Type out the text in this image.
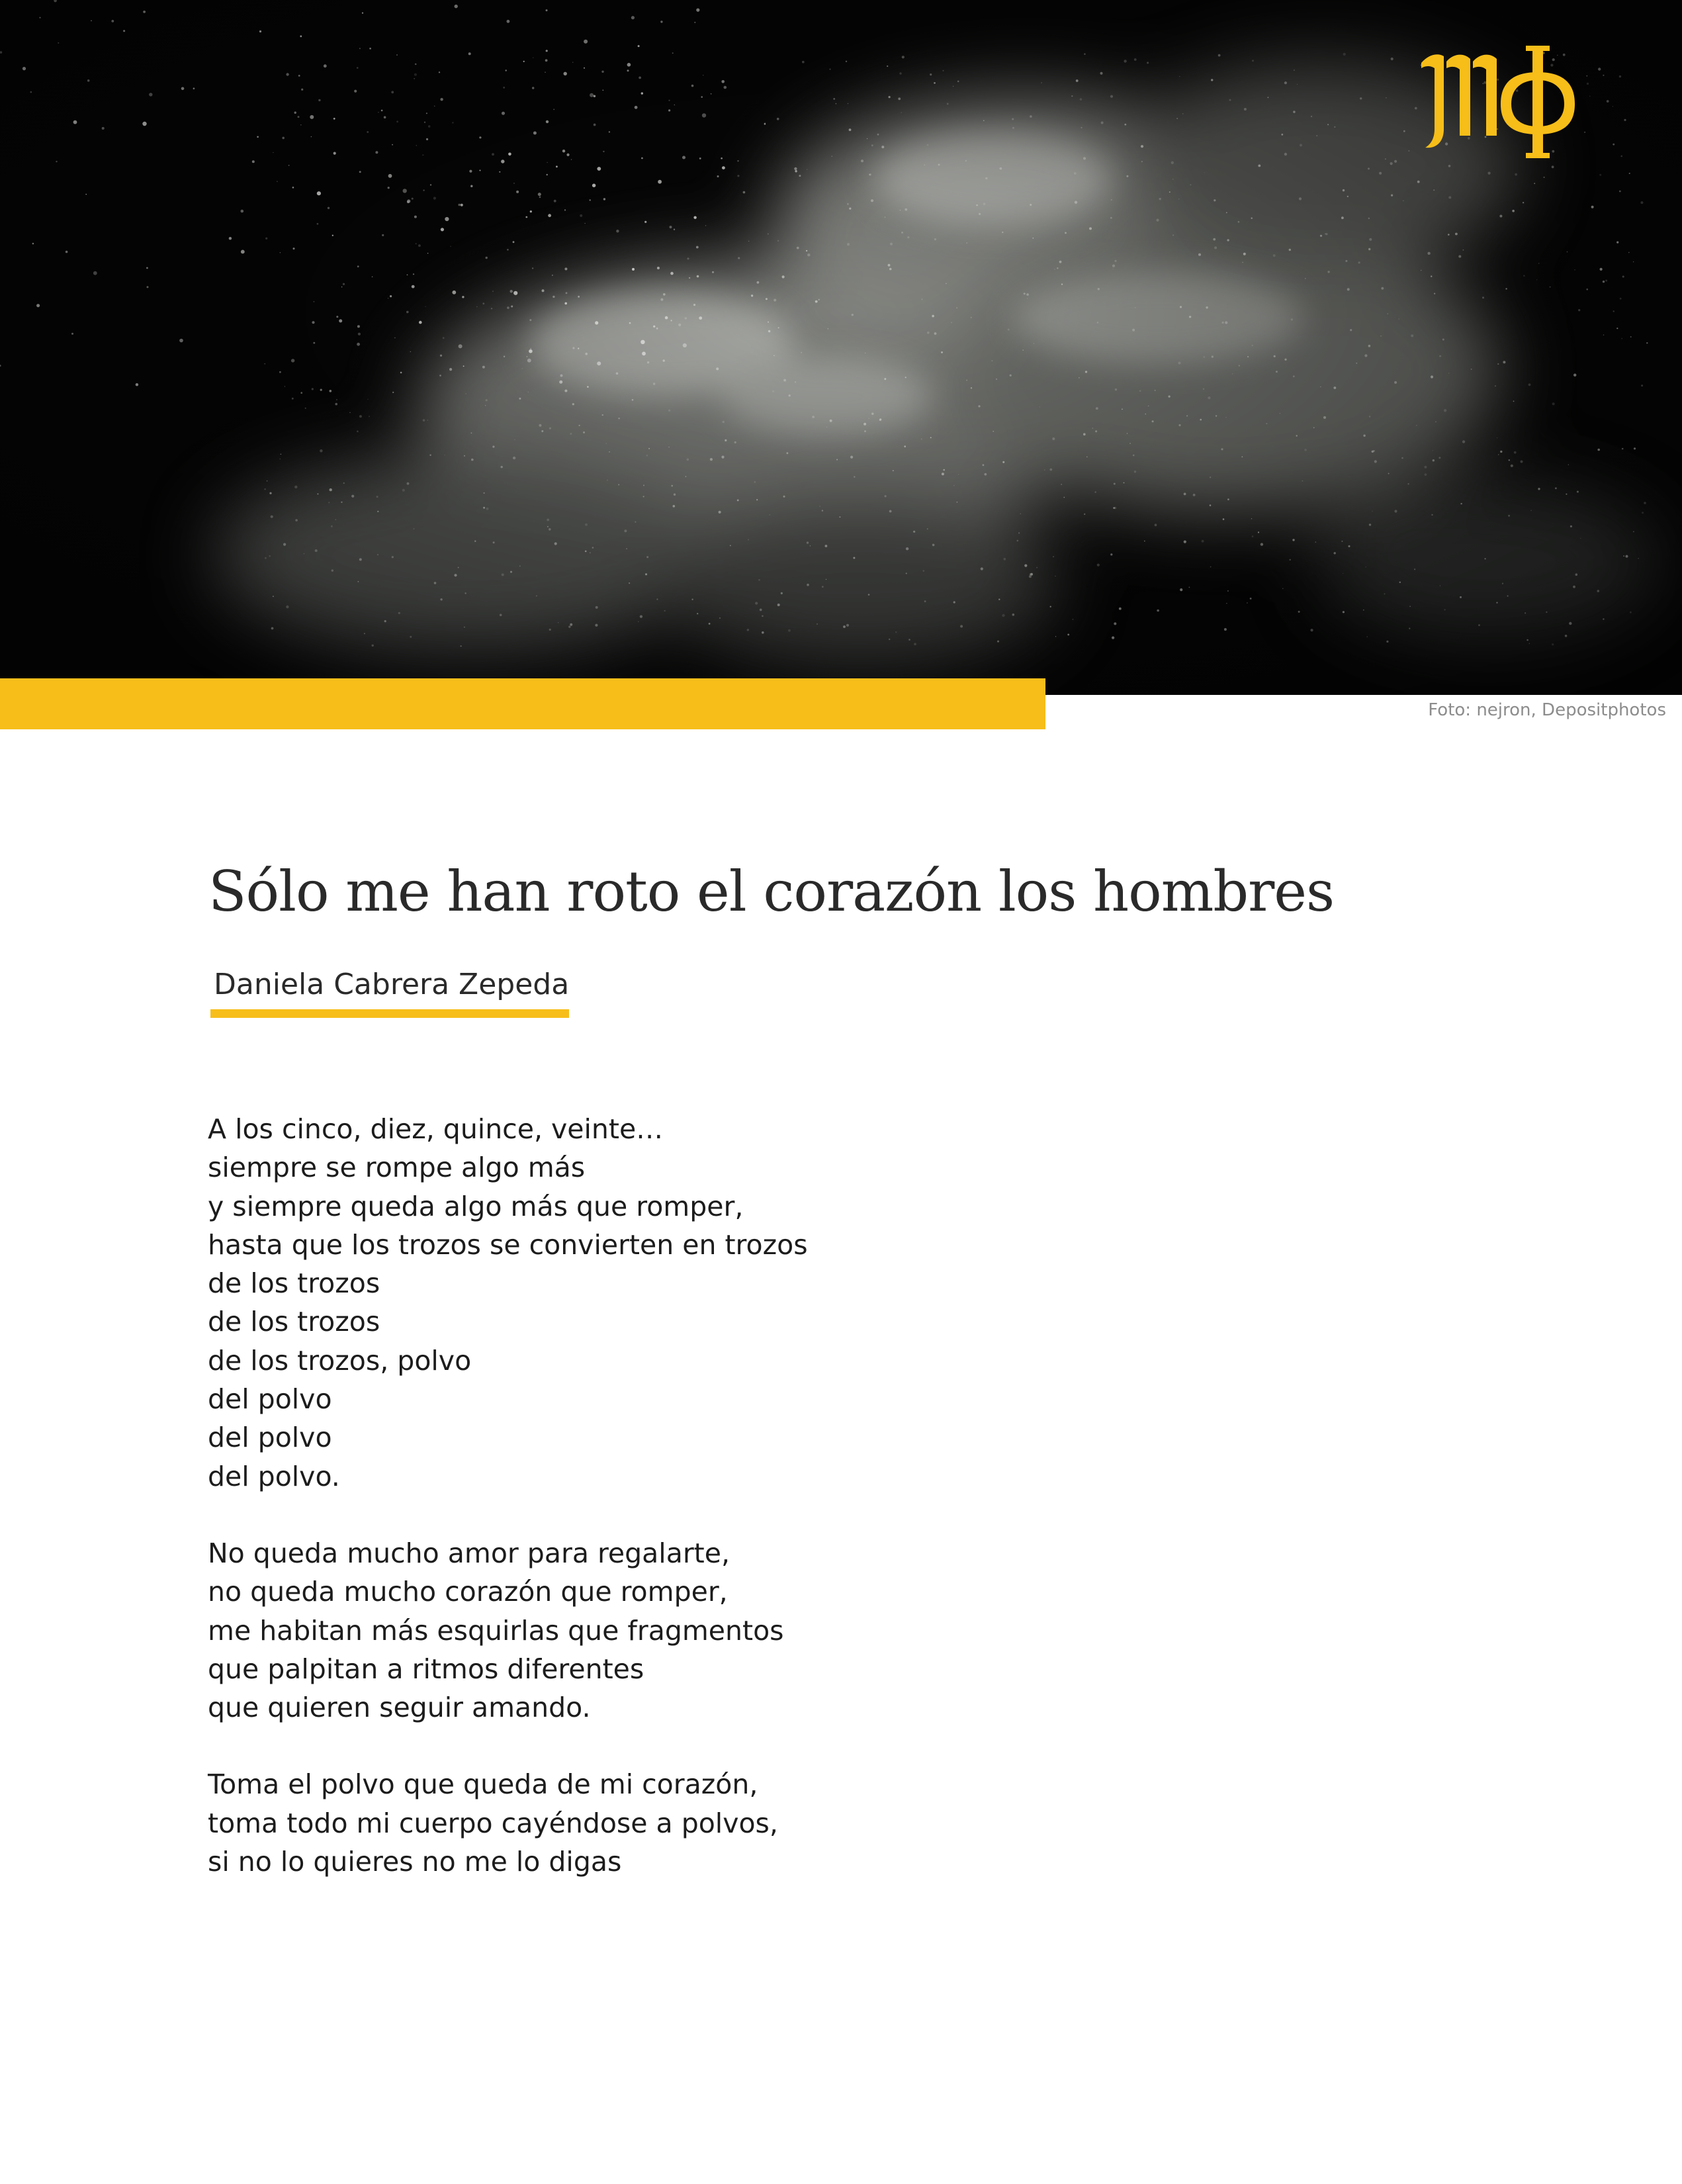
Foto: nejron, Depositphotos
Sólo me han roto el corazón los hombres
Daniela Cabrera Zepeda
A los cinco, diez, quince, veinte…
siempre se rompe algo más
y siempre queda algo más que romper,
hasta que los trozos se convierten en trozos
de los trozos
de los trozos
de los trozos, polvo
del polvo
del polvo
del polvo.
No queda mucho amor para regalarte,
no queda mucho corazón que romper,
me habitan más esquirlas que fragmentos
que palpitan a ritmos diferentes
que quieren seguir amando.
Toma el polvo que queda de mi corazón,
toma todo mi cuerpo cayéndose a polvos,
si no lo quieres no me lo digas
